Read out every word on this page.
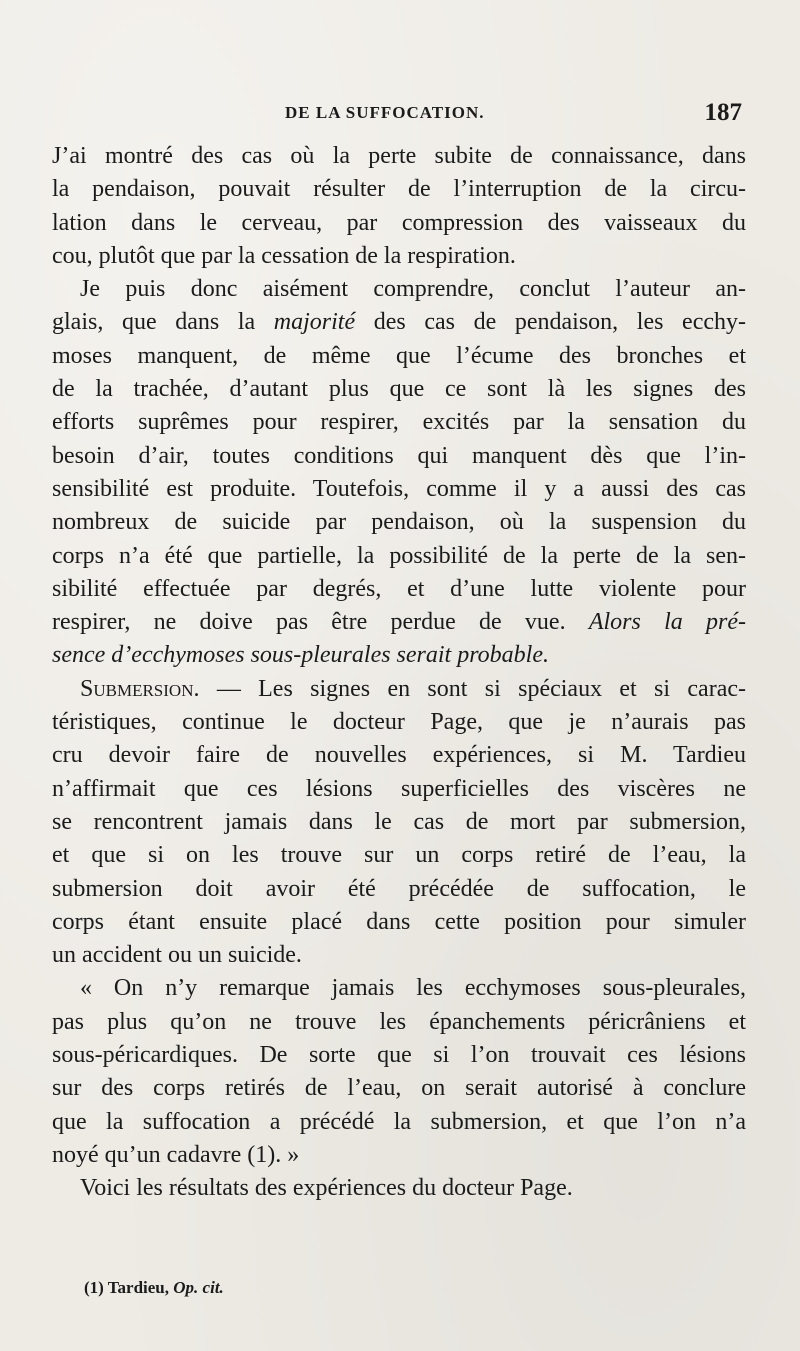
DE LA SUFFOCATION.	187
J’ai montré des cas où la perte subite de connaissance, dans
la pendaison, pouvait résulter de l’interruption de la circu-
lation dans le cerveau, par compression des vaisseaux du
cou, plutôt que par la cessation de la respiration.
Je puis donc aisément comprendre, conclut l’auteur an-
glais, que dans la majorité des cas de pendaison, les ecchy-
moses manquent, de même que l’écume des bronches et
de la trachée, d’autant plus que ce sont là les signes des
efforts suprêmes pour respirer, excités par la sensation du
besoin d’air, toutes conditions qui manquent dès que l’in-
sensibilité est produite. Toutefois, comme il y a aussi des cas
nombreux de suicide par pendaison, où la suspension du
corps n’a été que partielle, la possibilité de la perte de la sen-
sibilité effectuée par degrés, et d’une lutte violente pour
respirer, ne doive pas être perdue de vue. Alors la pré-
sence d’ecchymoses sous-pleurales serait probable.
Submersion. — Les signes en sont si spéciaux et si carac-
téristiques, continue le docteur Page, que je n’aurais pas
cru devoir faire de nouvelles expériences, si M. Tardieu
n’affirmait que ces lésions superficielles des viscères ne
se rencontrent jamais dans le cas de mort par submersion,
et que si on les trouve sur un corps retiré de l’eau, la
submersion doit avoir été précédée de suffocation, le
corps étant ensuite placé dans cette position pour simuler
un accident ou un suicide.
« On n’y remarque jamais les ecchymoses sous-pleurales,
pas plus qu’on ne trouve les épanchements péricrâniens et
sous-péricardiques. De sorte que si l’on trouvait ces lésions
sur des corps retirés de l’eau, on serait autorisé à conclure
que la suffocation a précédé la submersion, et que l’on n’a
noyé qu’un cadavre (1). »
Voici les résultats des expériences du docteur Page.
(1) Tardieu, Op. cit.
